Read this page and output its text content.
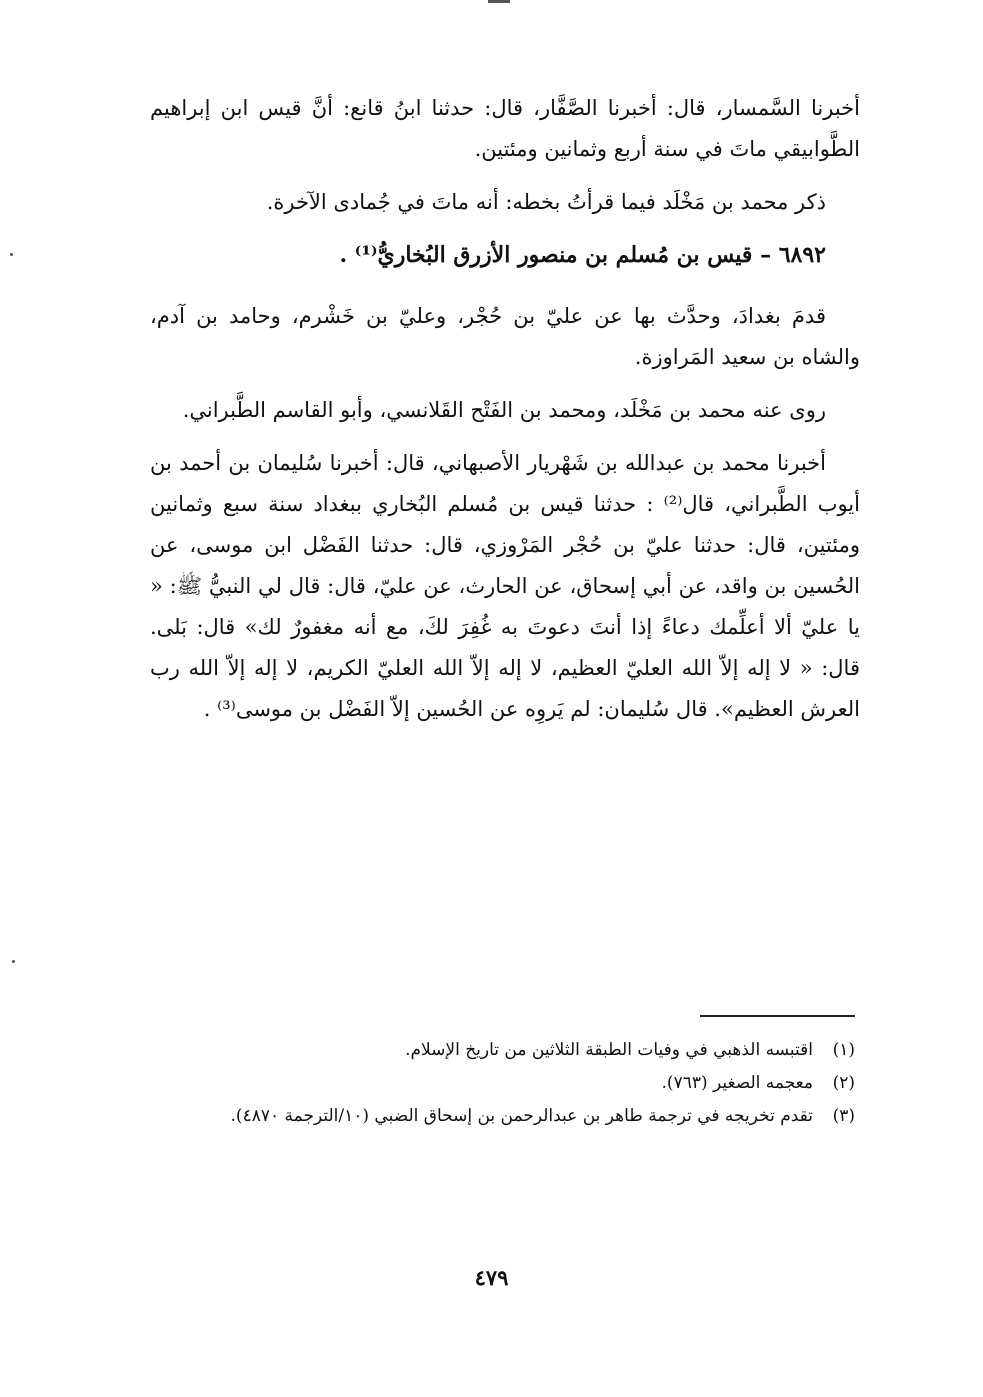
أخبرنا السَّمسار، قال: أخبرنا الصَّفَّار، قال: حدثنا ابنُ قانع: أنَّ قيس ابن إبراهيم الطَّوابيقي ماتَ في سنة أربع وثمانين ومئتين.

ذكر محمد بن مَخْلَد فيما قرأتُ بخطه: أنه ماتَ في جُمادى الآخرة.

٦٨٩٢ – قيس بن مُسلم بن منصور الأزرق البُخاريُّ⁽¹⁾ .

قدمَ بغدادَ، وحدَّث بها عن عليّ بن حُجْر، وعليّ بن خَشْرم، وحامد بن آدم، والشاه بن سعيد المَراوزة.

روى عنه محمد بن مَخْلَد، ومحمد بن الفَتْح القَلانسي، وأبو القاسم الطَّبراني.

أخبرنا محمد بن عبدالله بن شَهْريار الأصبهاني، قال: أخبرنا سُليمان بن أحمد بن أيوب الطَّبراني، قال⁽²⁾ : حدثنا قيس بن مُسلم البُخاري ببغداد سنة سبع وثمانين ومئتين، قال: حدثنا عليّ بن حُجْر المَرْوزي، قال: حدثنا الفَضْل ابن موسى، عن الحُسين بن واقد، عن أبي إسحاق، عن الحارث، عن عليّ، قال: قال لي النبيُّ ﷺ: « يا عليّ ألا أعلِّمك دعاءً إذا أنتَ دعوتَ به غُفِرَ لكَ، مع أنه مغفورٌ لك» قال: بَلى. قال: « لا إله إلاّ الله العليّ العظيم، لا إله إلاّ الله العليّ الكريم، لا إله إلاّ الله رب العرش العظيم». قال سُليمان: لم يَروِه عن الحُسين إلاّ الفَضْل بن موسى⁽³⁾ .

(١)
اقتبسه الذهبي في وفيات الطبقة الثلاثين من تاريخ الإسلام.
(٢)
معجمه الصغير (٧٦٣).
(٣)
تقدم تخريجه في ترجمة طاهر بن عبدالرحمن بن إسحاق الضبي (١٠/الترجمة ٤٨٧٠).
٤٧٩
